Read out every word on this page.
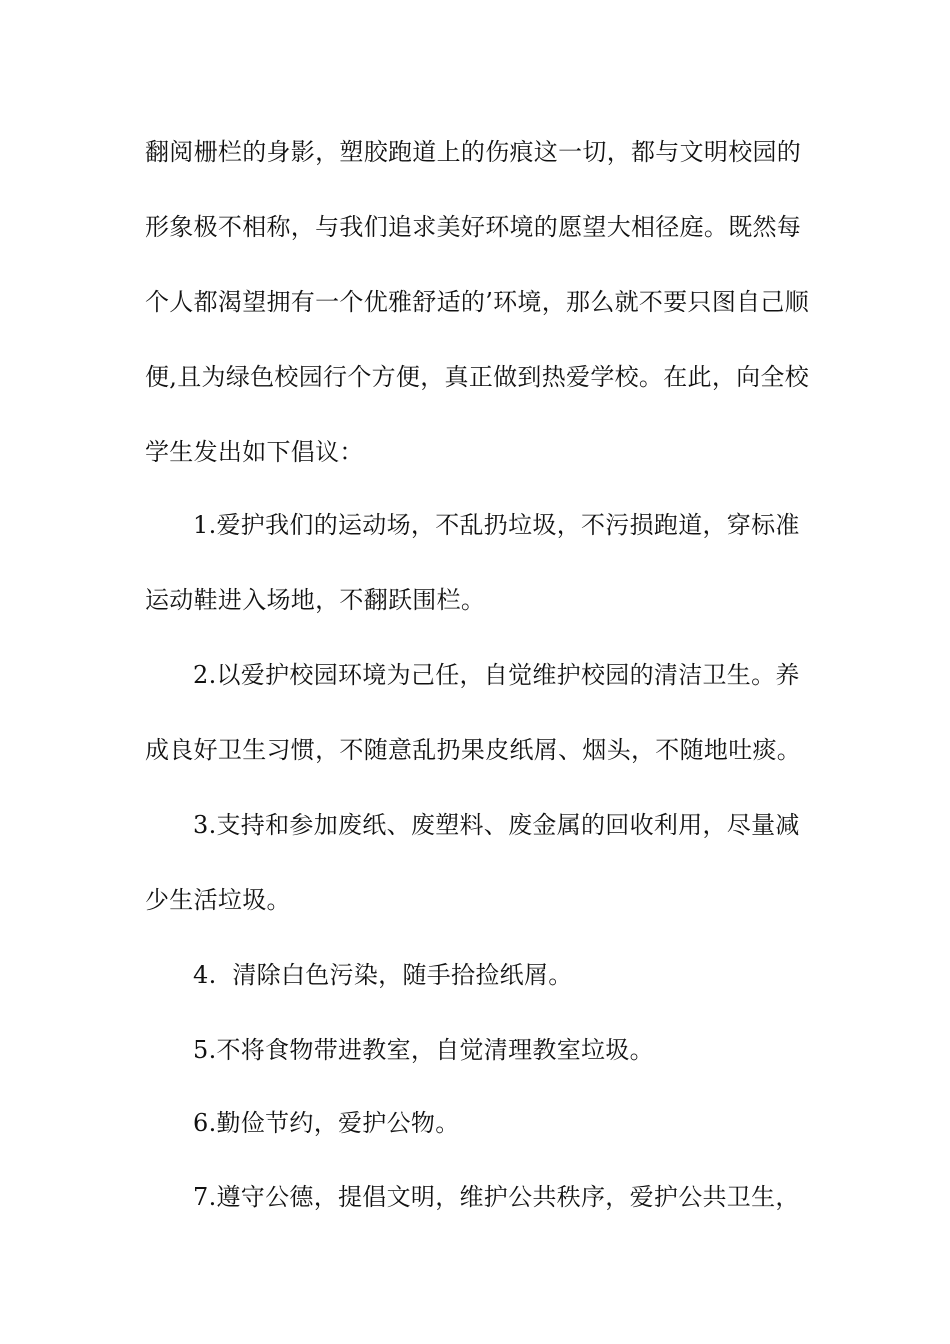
翻阅栅栏的身影，塑胶跑道上的伤痕这一切，都与文明校园的
形象极不相称，与我们追求美好环境的愿望大相径庭。既然每
个人都渴望拥有一个优雅舒适的’环境，那么就不要只图自己顺
便,且为绿色校园行个方便，真正做到热爱学校。在此，向全校
学生发出如下倡议：
1.爱护我们的运动场，不乱扔垃圾，不污损跑道，穿标准
运动鞋进入场地，不翻跃围栏。
2.以爱护校园环境为己任，自觉维护校园的清洁卫生。养
成良好卫生习惯，不随意乱扔果皮纸屑、烟头，不随地吐痰。
3.支持和参加废纸、废塑料、废金属的回收利用，尽量减
少生活垃圾。
4.  清除白色污染，随手拾捡纸屑。
5.不将食物带进教室，自觉清理教室垃圾。
6.勤俭节约，爱护公物。
7.遵守公德，提倡文明，维护公共秩序，爱护公共卫生，
